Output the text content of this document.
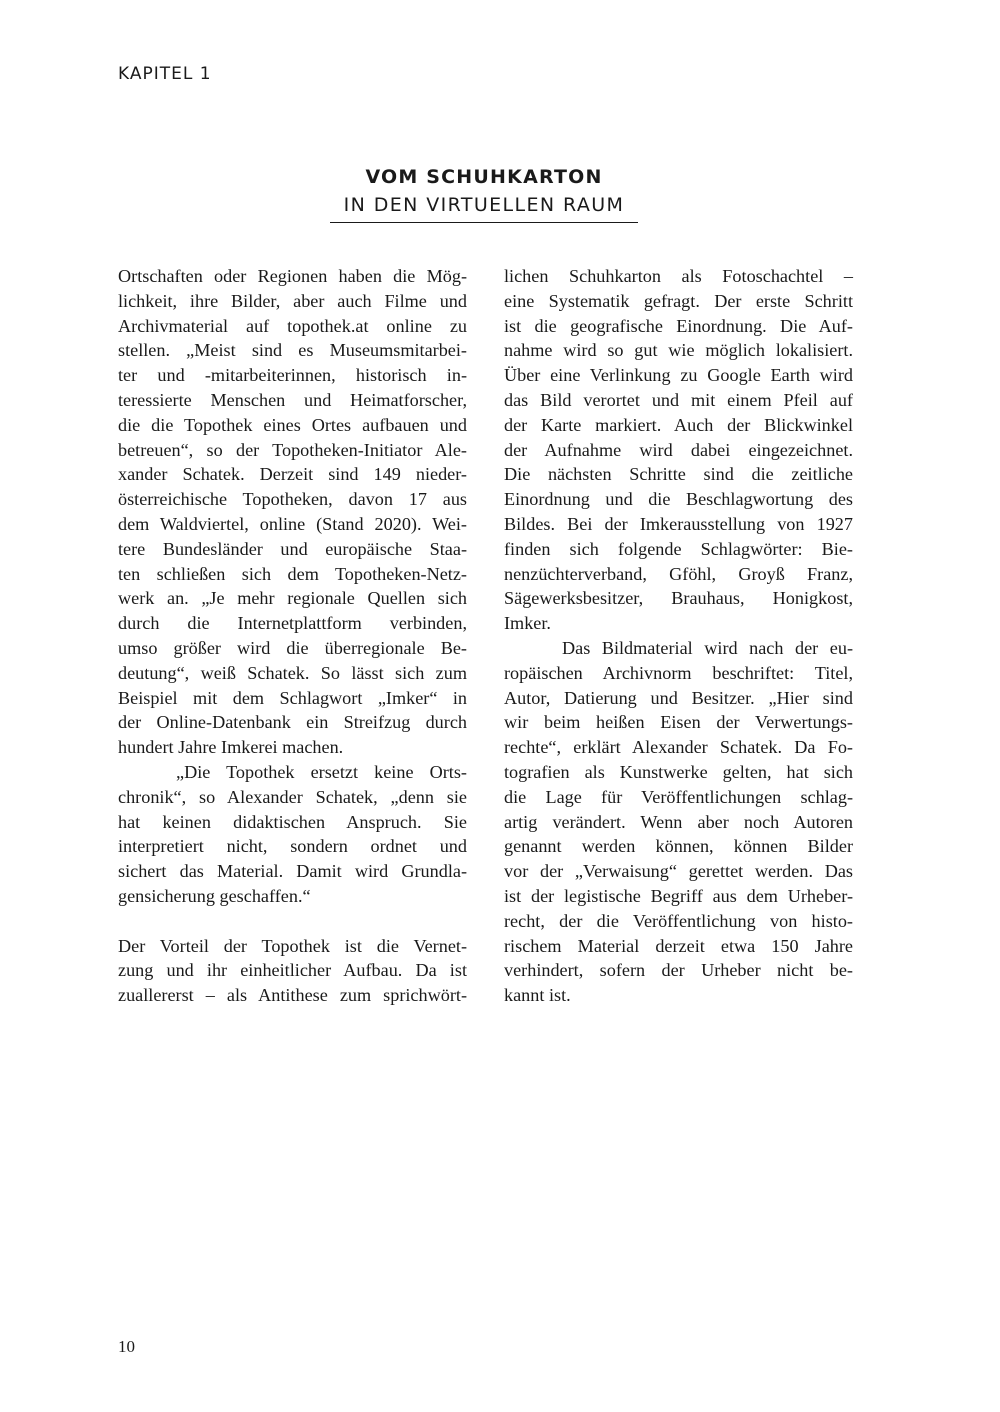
KAPITEL 1
VOM SCHUHKARTON
IN DEN VIRTUELLEN RAUM
Ortschaften oder Regionen haben die Mög-
lichkeit, ihre Bilder, aber auch Filme und
Archivmaterial auf topothek.at online zu
stellen. „Meist sind es Museumsmitarbei-
ter und -mitarbeiterinnen, historisch in-
teressierte Menschen und Heimatforscher,
die die Topothek eines Ortes aufbauen und
betreuen“, so der Topotheken-Initiator Ale-
xander Schatek. Derzeit sind 149 nieder-
österreichische Topotheken, davon 17 aus
dem Waldviertel, online (Stand 2020). Wei-
tere Bundesländer und europäische Staa-
ten schließen sich dem Topotheken-Netz-
werk an. „Je mehr regionale Quellen sich
durch die Internetplattform verbinden,
umso größer wird die überregionale Be-
deutung“, weiß Schatek. So lässt sich zum
Beispiel mit dem Schlagwort „Imker“ in
der Online-Datenbank ein Streifzug durch
hundert Jahre Imkerei machen.
„Die Topothek ersetzt keine Orts-
chronik“, so Alexander Schatek, „denn sie
hat keinen didaktischen Anspruch. Sie
interpretiert nicht, sondern ordnet und
sichert das Material. Damit wird Grundla-
gensicherung geschaffen.“
Der Vorteil der Topothek ist die Vernet-
zung und ihr einheitlicher Aufbau. Da ist
zuallererst – als Antithese zum sprichwört-
lichen Schuhkarton als Fotoschachtel –
eine Systematik gefragt. Der erste Schritt
ist die geografische Einordnung. Die Auf-
nahme wird so gut wie möglich lokalisiert.
Über eine Verlinkung zu Google Earth wird
das Bild verortet und mit einem Pfeil auf
der Karte markiert. Auch der Blickwinkel
der Aufnahme wird dabei eingezeichnet.
Die nächsten Schritte sind die zeitliche
Einordnung und die Beschlagwortung des
Bildes. Bei der Imkerausstellung von 1927
finden sich folgende Schlagwörter: Bie-
nenzüchterverband, Gföhl, Groyß Franz,
Sägewerksbesitzer, Brauhaus, Honigkost,
Imker.
Das Bildmaterial wird nach der eu-
ropäischen Archivnorm beschriftet: Titel,
Autor, Datierung und Besitzer. „Hier sind
wir beim heißen Eisen der Verwertungs-
rechte“, erklärt Alexander Schatek. Da Fo-
tografien als Kunstwerke gelten, hat sich
die Lage für Veröffentlichungen schlag-
artig verändert. Wenn aber noch Autoren
genannt werden können, können Bilder
vor der „Verwaisung“ gerettet werden. Das
ist der legistische Begriff aus dem Urheber-
recht, der die Veröffentlichung von histo-
rischem Material derzeit etwa 150 Jahre
verhindert, sofern der Urheber nicht be-
kannt ist.
10
